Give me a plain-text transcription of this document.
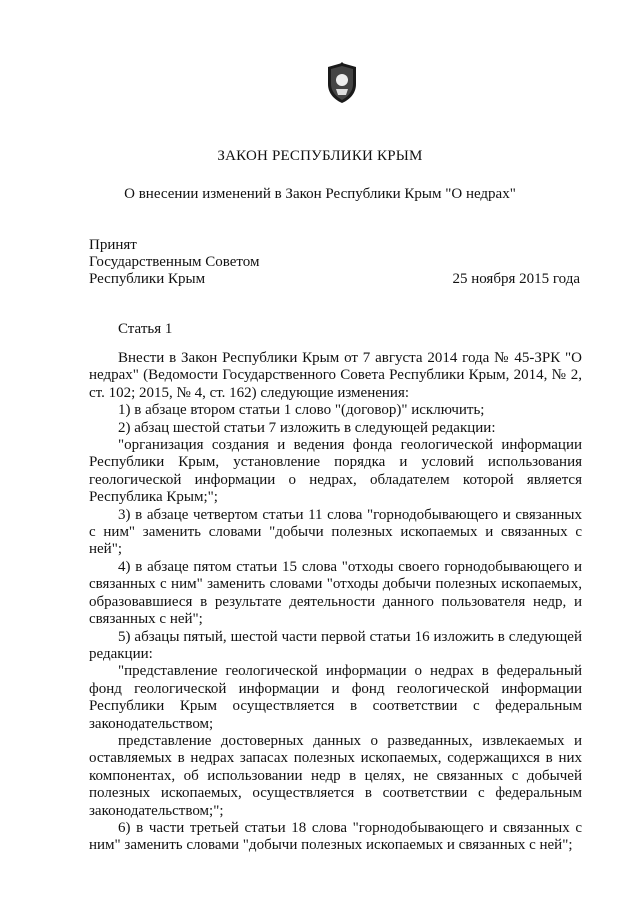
ЗАКОН РЕСПУБЛИКИ КРЫМ
О внесении изменений в Закон Республики Крым "О недрах"
Принят
Государственным Советом
Республики Крым	25 ноября 2015 года
Статья 1

Внести в Закон Республики Крым от 7 августа 2014 года № 45-ЗРК "О недрах" (Ведомости Государственного Совета Республики Крым, 2014, № 2, ст. 102; 2015, № 4, ст. 162) следующие изменения:

1) в абзаце втором статьи 1 слово "(договор)" исключить;

2) абзац шестой статьи 7 изложить в следующей редакции:

"организация создания и ведения фонда геологической информации Республики Крым, установление порядка и условий использования геологической информации о недрах, обладателем которой является Республика Крым;";

3) в абзаце четвертом статьи 11 слова "горнодобывающего и связанных с ним" заменить словами "добычи полезных ископаемых и связанных с ней";

4) в абзаце пятом статьи 15 слова "отходы своего горнодобывающего и связанных с ним" заменить словами "отходы добычи полезных ископаемых, образовавшиеся в результате деятельности данного пользователя недр, и связанных с ней";

5) абзацы пятый, шестой части первой статьи 16 изложить в следующей редакции:

"представление геологической информации о недрах в федеральный фонд геологической информации и фонд геологической информации Республики Крым осуществляется в соответствии с федеральным законодательством;

представление достоверных данных о разведанных, извлекаемых и оставляемых в недрах запасах полезных ископаемых, содержащихся в них компонентах, об использовании недр в целях, не связанных с добычей полезных ископаемых, осуществляется в соответствии с федеральным законодательством;";

6) в части третьей статьи 18 слова "горнодобывающего и связанных с ним" заменить словами "добычи полезных ископаемых и связанных с ней";
